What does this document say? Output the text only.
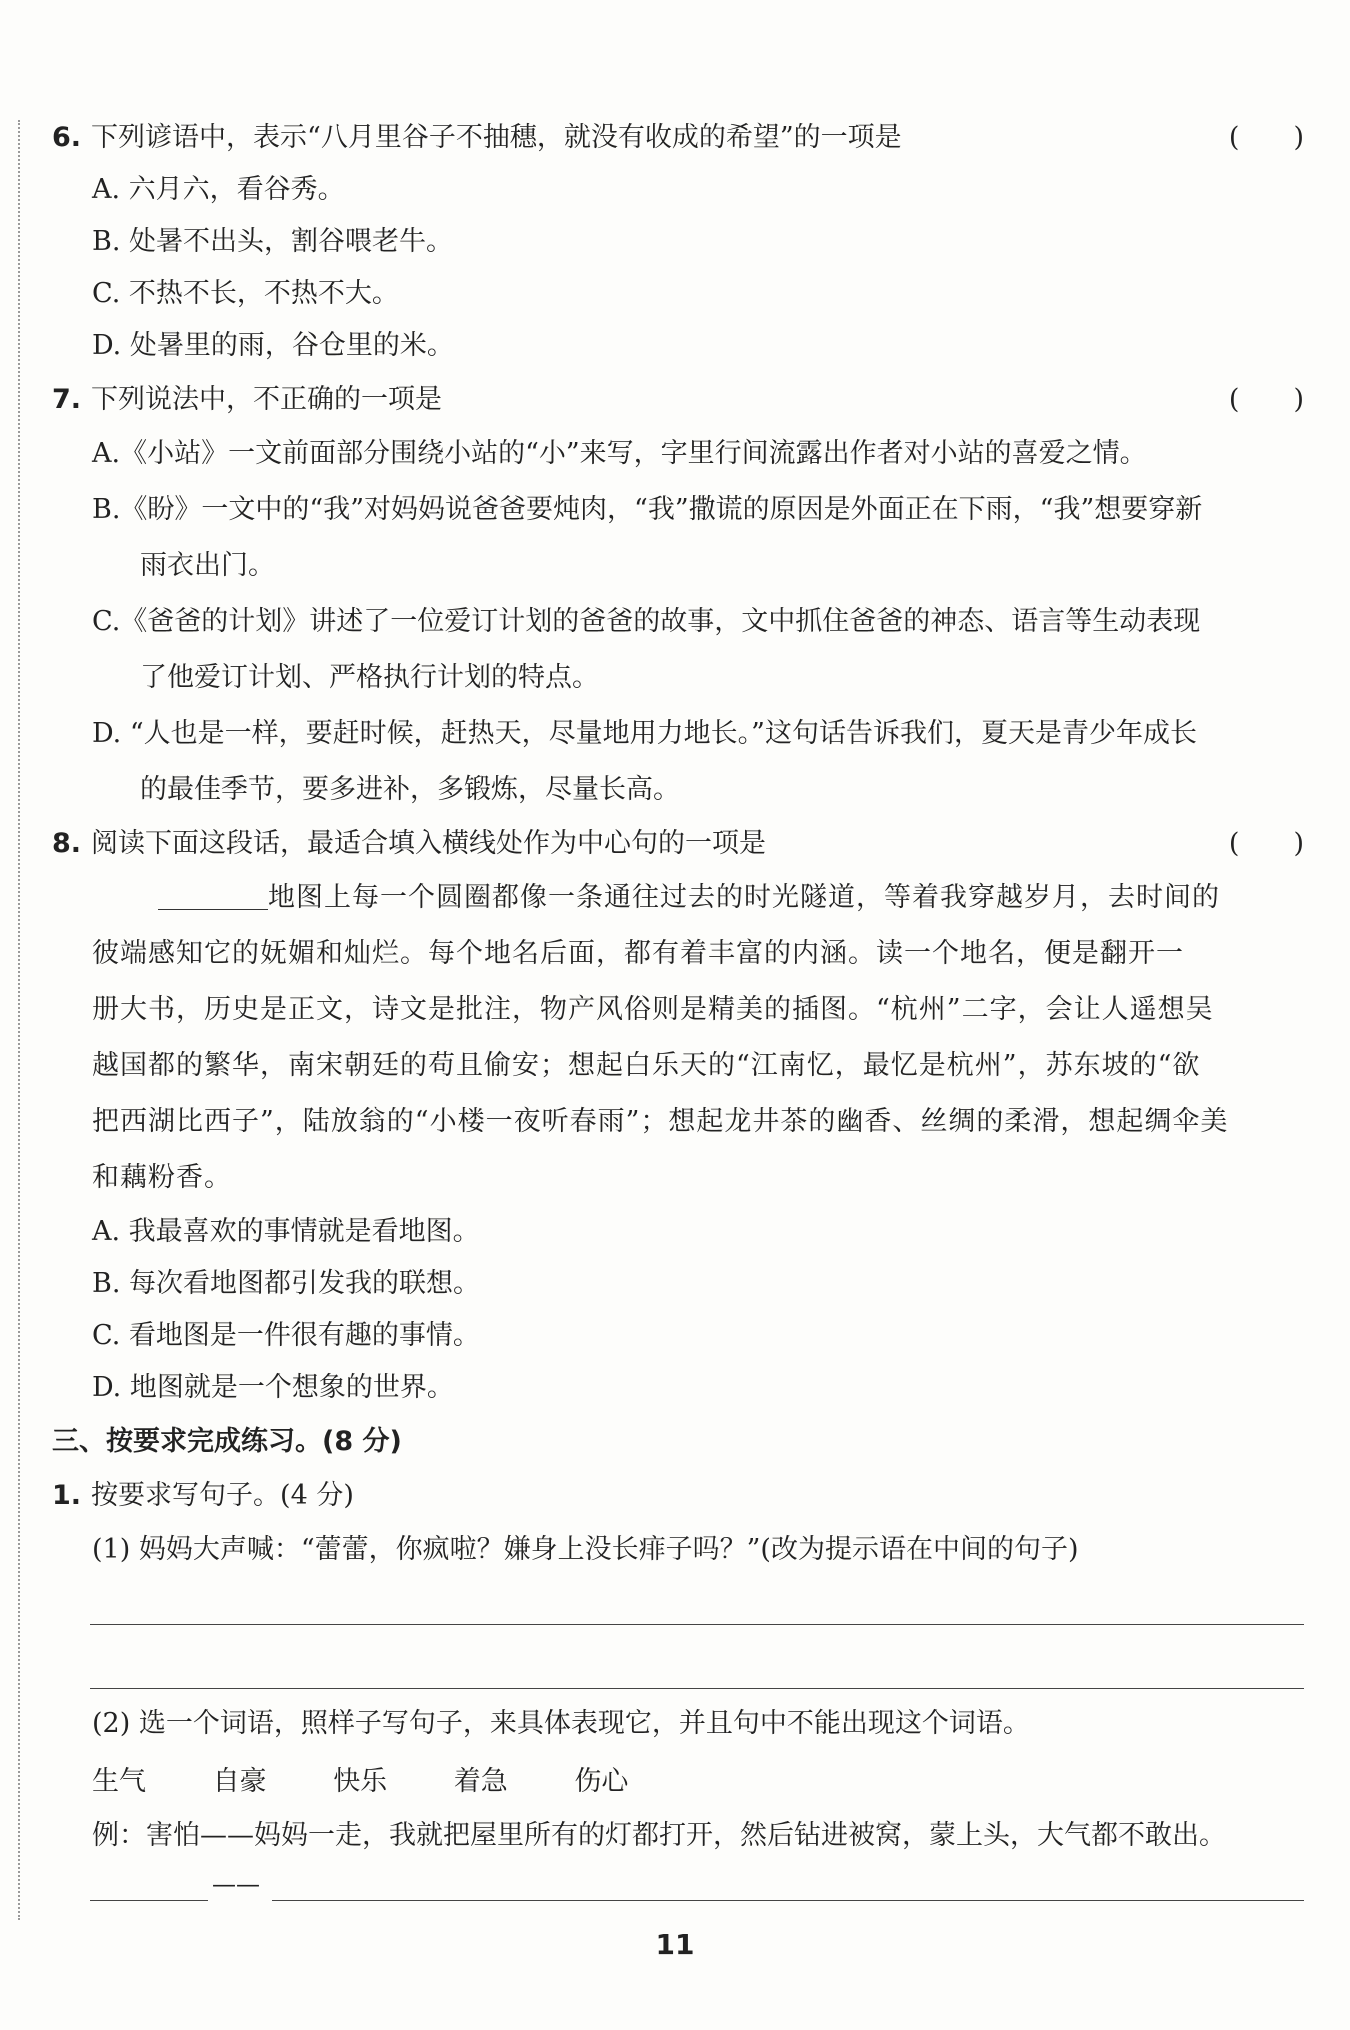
6. 下列谚语中，表示“八月里谷子不抽穗，就没有收成的希望”的一项是	(　　)
A. 六月六，看谷秀。
B. 处暑不出头，割谷喂老牛。
C. 不热不长，不热不大。
D. 处暑里的雨，谷仓里的米。
7. 下列说法中，不正确的一项是	(　　)
A.《小站》一文前面部分围绕小站的“小”来写，字里行间流露出作者对小站的喜爱之情。
B.《盼》一文中的“我”对妈妈说爸爸要炖肉，“我”撒谎的原因是外面正在下雨，“我”想要穿新
雨衣出门。
C.《爸爸的计划》讲述了一位爱订计划的爸爸的故事，文中抓住爸爸的神态、语言等生动表现
了他爱订计划、严格执行计划的特点。
D. “人也是一样，要赶时候，赶热天，尽量地用力地长。”这句话告诉我们，夏天是青少年成长
的最佳季节，要多进补，多锻炼，尽量长高。
8. 阅读下面这段话，最适合填入横线处作为中心句的一项是	(　　)
地图上每一个圆圈都像一条通往过去的时光隧道，等着我穿越岁月，去时间的
彼端感知它的妩媚和灿烂。每个地名后面，都有着丰富的内涵。读一个地名，便是翻开一
册大书，历史是正文，诗文是批注，物产风俗则是精美的插图。“杭州”二字，会让人遥想吴
越国都的繁华，南宋朝廷的苟且偷安；想起白乐天的“江南忆，最忆是杭州”，苏东坡的“欲
把西湖比西子”，陆放翁的“小楼一夜听春雨”；想起龙井茶的幽香、丝绸的柔滑，想起绸伞美
和藕粉香。
A. 我最喜欢的事情就是看地图。
B. 每次看地图都引发我的联想。
C. 看地图是一件很有趣的事情。
D. 地图就是一个想象的世界。
三、按要求完成练习。(8 分)
1. 按要求写句子。(4 分)
(1) 妈妈大声喊：“蕾蕾，你疯啦？嫌身上没长痱子吗？”(改为提示语在中间的句子)
(2) 选一个词语，照样子写句子，来具体表现它，并且句中不能出现这个词语。
生气 自豪 快乐 着急 伤心
例：害怕——妈妈一走，我就把屋里所有的灯都打开，然后钻进被窝，蒙上头，大气都不敢出。
——
11
